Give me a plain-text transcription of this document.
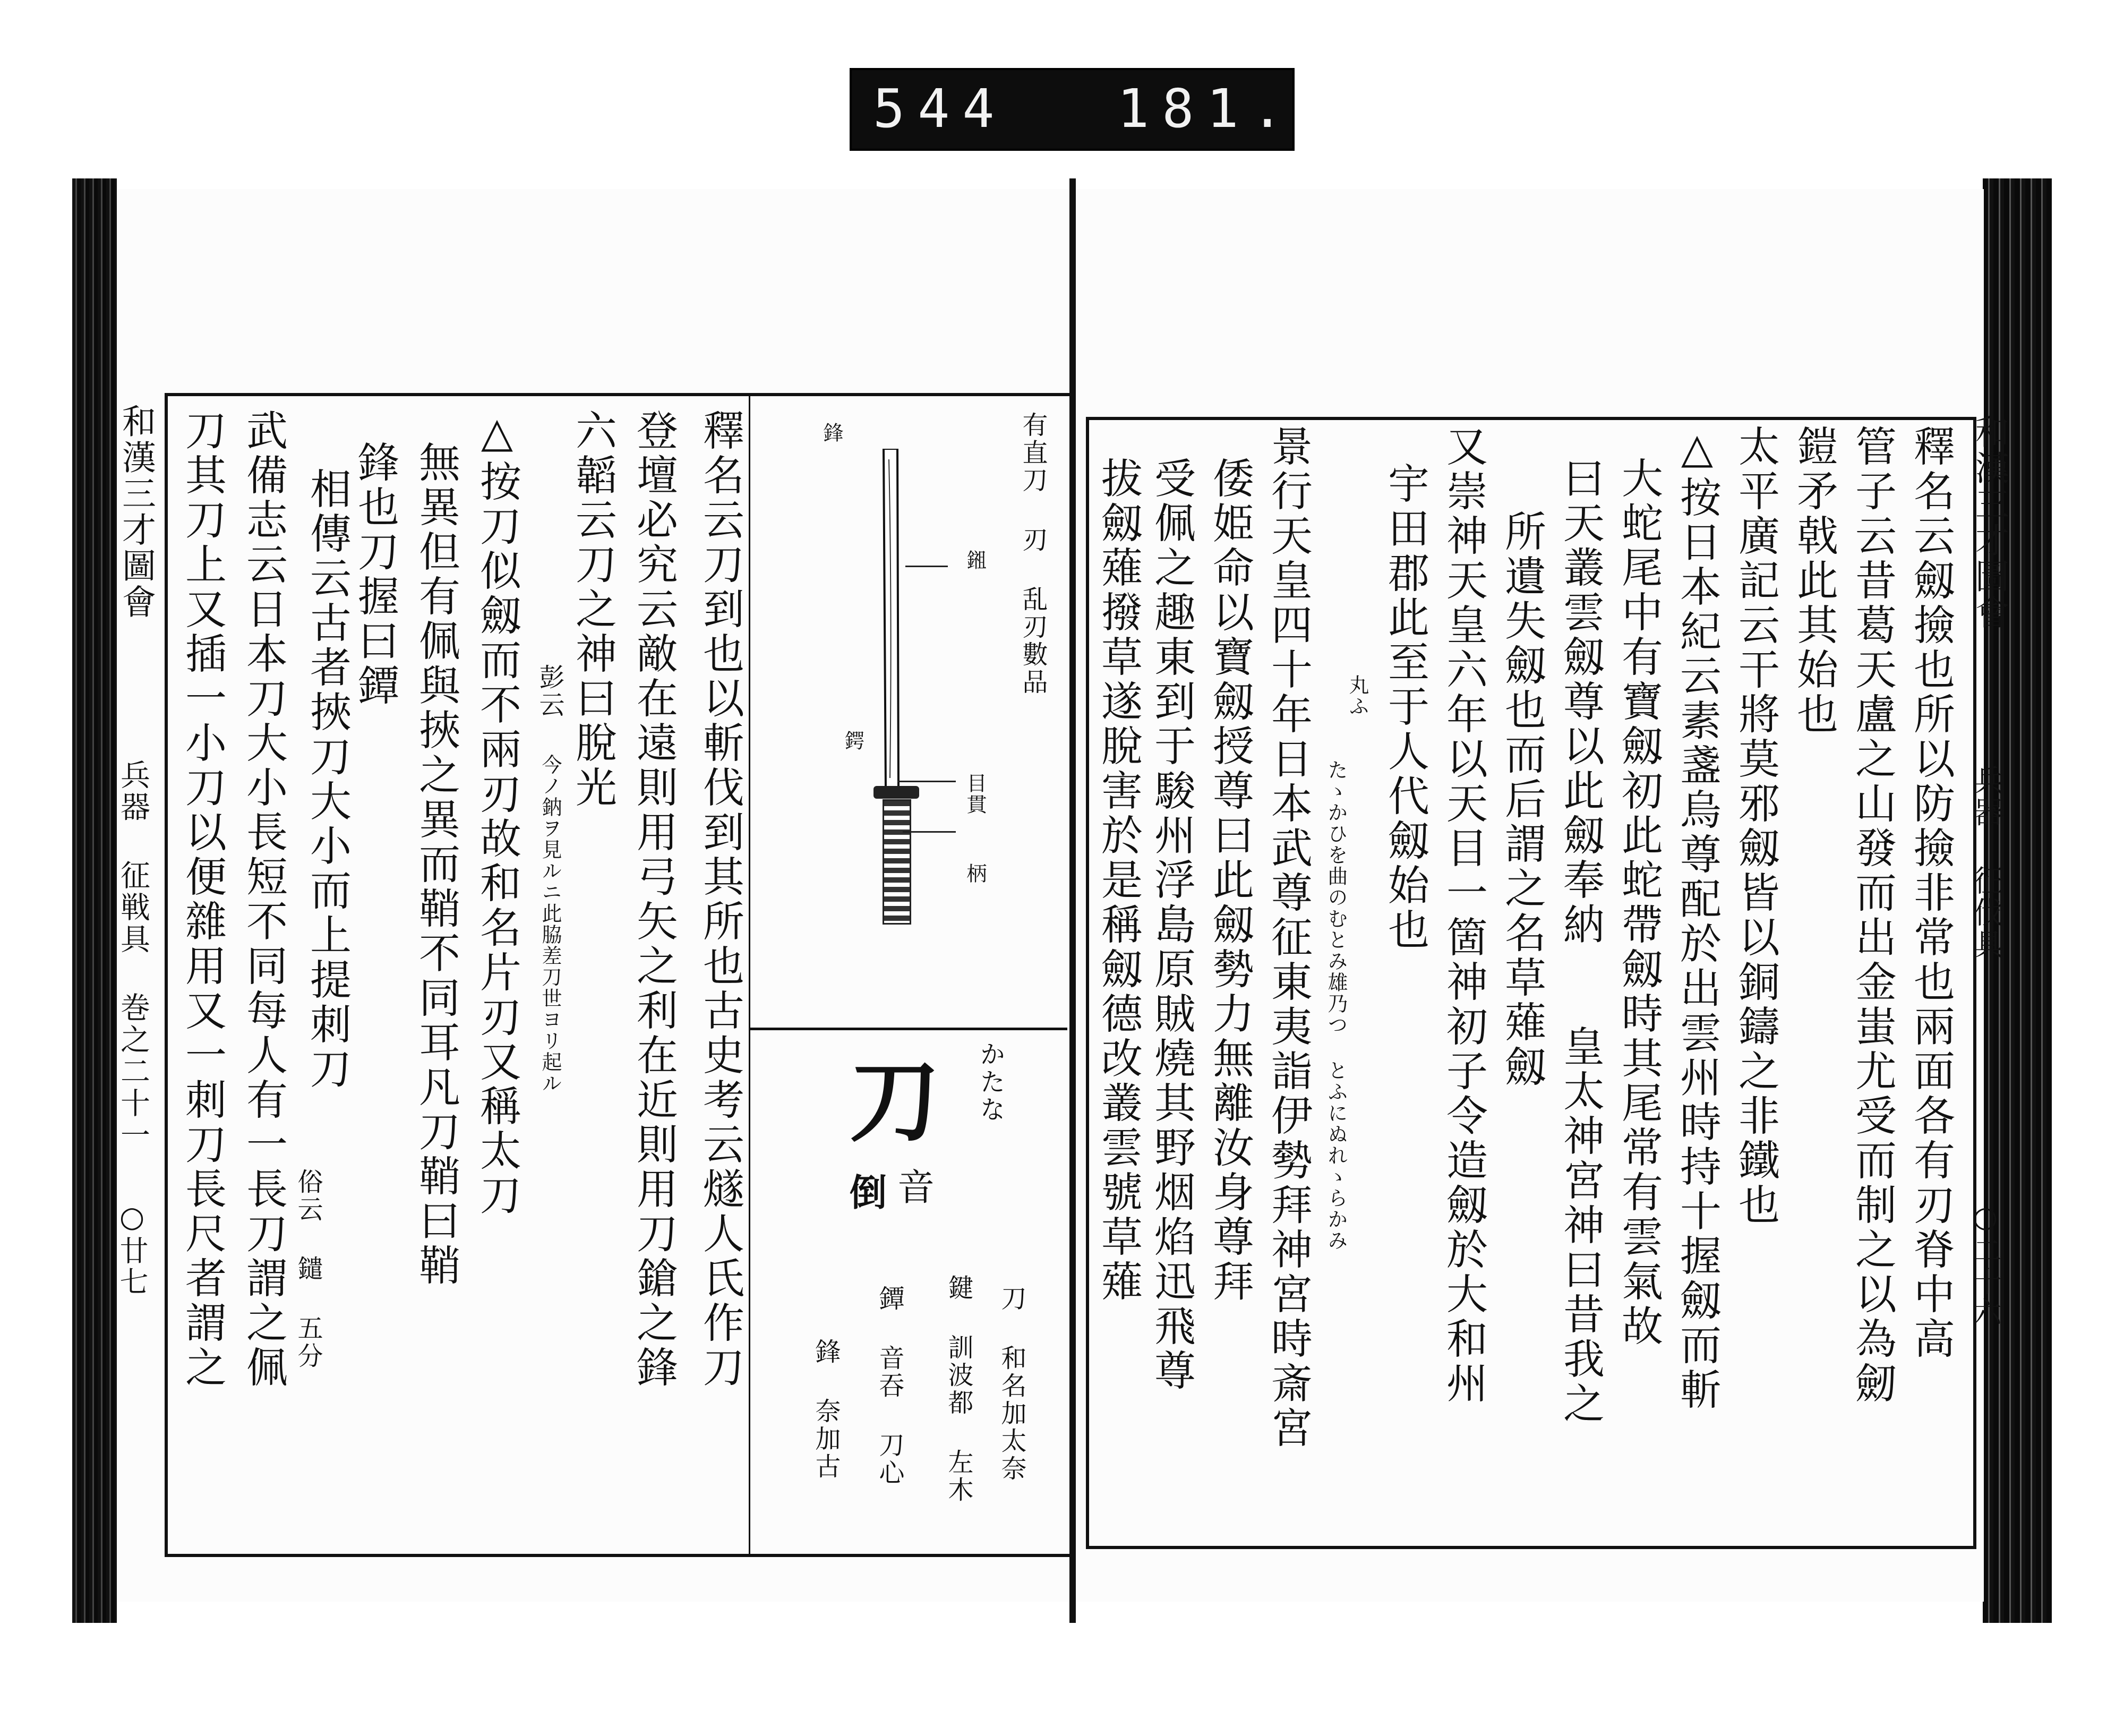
544 181.
和漢三才圖會
兵器 征戦具 巻之二十一
○廿七	釋名云刀到也以斬伐到其所也古史考云燧人氏作刀
登壇必究云敵在遠則用弓矢之利在近則用刀鎗之鋒
六韜云刀之神曰脫光
彭云
今ノ鈉ヲ見ルニ此脇差刀世ヨリ起ル
△按刀似劔而不兩刃故和名片刃又稱太刀
無異但有佩與挾之異而鞘不同耳凡刀鞘曰鞘
鋒也刀握曰鐔
相傳云古者挾刀大小而上提刺刀
俗云 鑓 五分
武備志云日本刀大小長短不同每人有一長刀謂之佩
刀其刀上又插一小刀以便雜用又一刺刀長尺者謂之	有直刀 刃 乱刃數品
鋒
鎺
鍔
目貫
柄
かたな
刀
音
倒
刀 和名加太奈
鍵 訓波都 左木
鐔 音吞 刀心
鋒 奈加古
和漢三才圖會
兵器 征伐具
○二十六
釋名云劔撿也所以防撿非常也兩面各有刃脊中高
管子云昔葛天盧之山發而出金蚩尤受而制之以為劒
鎧矛戟此其始也
太平廣記云干將莫邪劔皆以銅鑄之非鐵也
△按日本紀云素盞烏尊配於出雲州時持十握劔而斬
大蛇尾中有寶劔初此蛇帶劔時其尾常有雲氣故
曰天叢雲劔尊以此劔奉納
皇太神宮神曰昔我之
所遺失劔也而后謂之名草薙劔
又崇神天皇六年以天目一箇神初子令造劔於大和州
宇田郡此至于人代劔始也
丸ふ
たゝかひを曲のむとみ雄乃つ とふにぬれゝらかみ
景行天皇四十年日本武尊征東夷詣伊勢拜神宮時斎宮
倭姫命以寶劔授尊曰此劔勢力無離汝身尊拜
受佩之趣東到于駿州浮島原賊燒其野烟焰迅飛尊
拔劔薙撥草遂脫害於是稱劔德改叢雲號草薙
